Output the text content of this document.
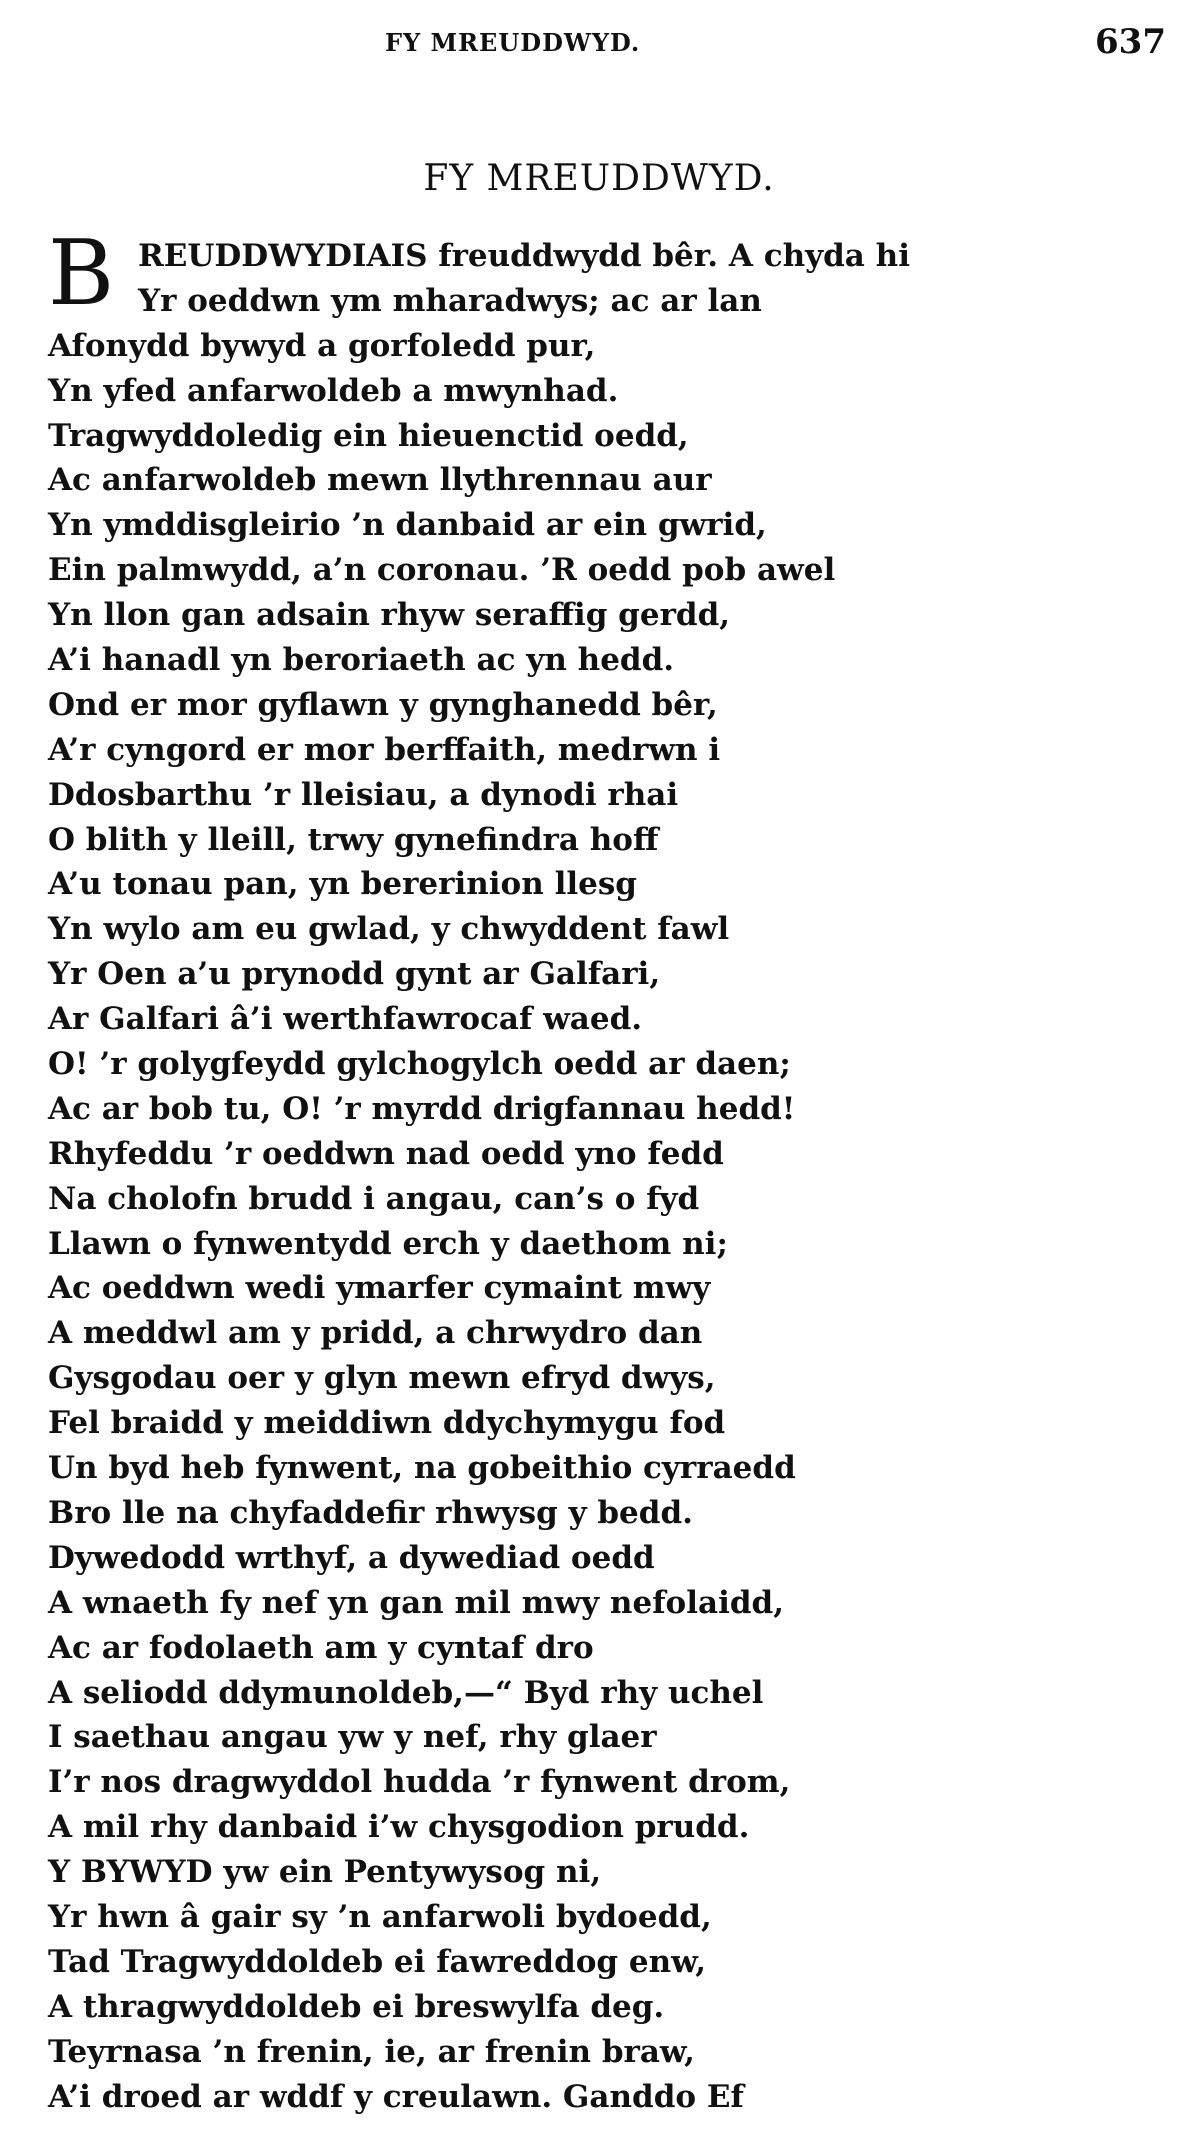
FY MREUDDWYD.	637
FY MREUDDWYD.
B REUDDWYDIAIS freuddwydd bêr. A chyda hi
Yr oeddwn ym mharadwys; ac ar lan
Afonydd bywyd a gorfoledd pur,
Yn yfed anfarwoldeb a mwynhad.
Tragwyddoledig ein hieuenctid oedd,
Ac anfarwoldeb mewn llythrennau aur
Yn ymddisgleirio ’n danbaid ar ein gwrid,
Ein palmwydd, a’n coronau. ’R oedd pob awel
Yn llon gan adsain rhyw seraffig gerdd,
A’i hanadl yn beroriaeth ac yn hedd.
Ond er mor gyflawn y gynghanedd bêr,
A’r cyngord er mor berffaith, medrwn i
Ddosbarthu ’r lleisiau, a dynodi rhai
O blith y lleill, trwy gynefindra hoff
A’u tonau pan, yn bererinion llesg
Yn wylo am eu gwlad, y chwyddent fawl
Yr Oen a’u prynodd gynt ar Galfari,
Ar Galfari â’i werthfawrocaf waed.
O! ’r golygfeydd gylchogylch oedd ar daen;
Ac ar bob tu, O! ’r myrdd drigfannau hedd!
Rhyfeddu ’r oeddwn nad oedd yno fedd
Na cholofn brudd i angau, can’s o fyd
Llawn o fynwentydd erch y daethom ni;
Ac oeddwn wedi ymarfer cymaint mwy
A meddwl am y pridd, a chrwydro dan
Gysgodau oer y glyn mewn efryd dwys,
Fel braidd y meiddiwn ddychymygu fod
Un byd heb fynwent, na gobeithio cyrraedd
Bro lle na chyfaddefir rhwysg y bedd.
Dywedodd wrthyf, a dywediad oedd
A wnaeth fy nef yn gan mil mwy nefolaidd,
Ac ar fodolaeth am y cyntaf dro
A seliodd ddymunoldeb,—“ Byd rhy uchel
I saethau angau yw y nef, rhy glaer
I’r nos dragwyddol hudda ’r fynwent drom,
A mil rhy danbaid i’w chysgodion prudd.
Y BYWYD yw ein Pentywysog ni,
Yr hwn â gair sy ’n anfarwoli bydoedd,
Tad Tragwyddoldeb ei fawreddog enw,
A thragwyddoldeb ei breswylfa deg.
Teyrnasa ’n frenin, ie, ar frenin braw,
A’i droed ar wddf y creulawn. Ganddo Ef
